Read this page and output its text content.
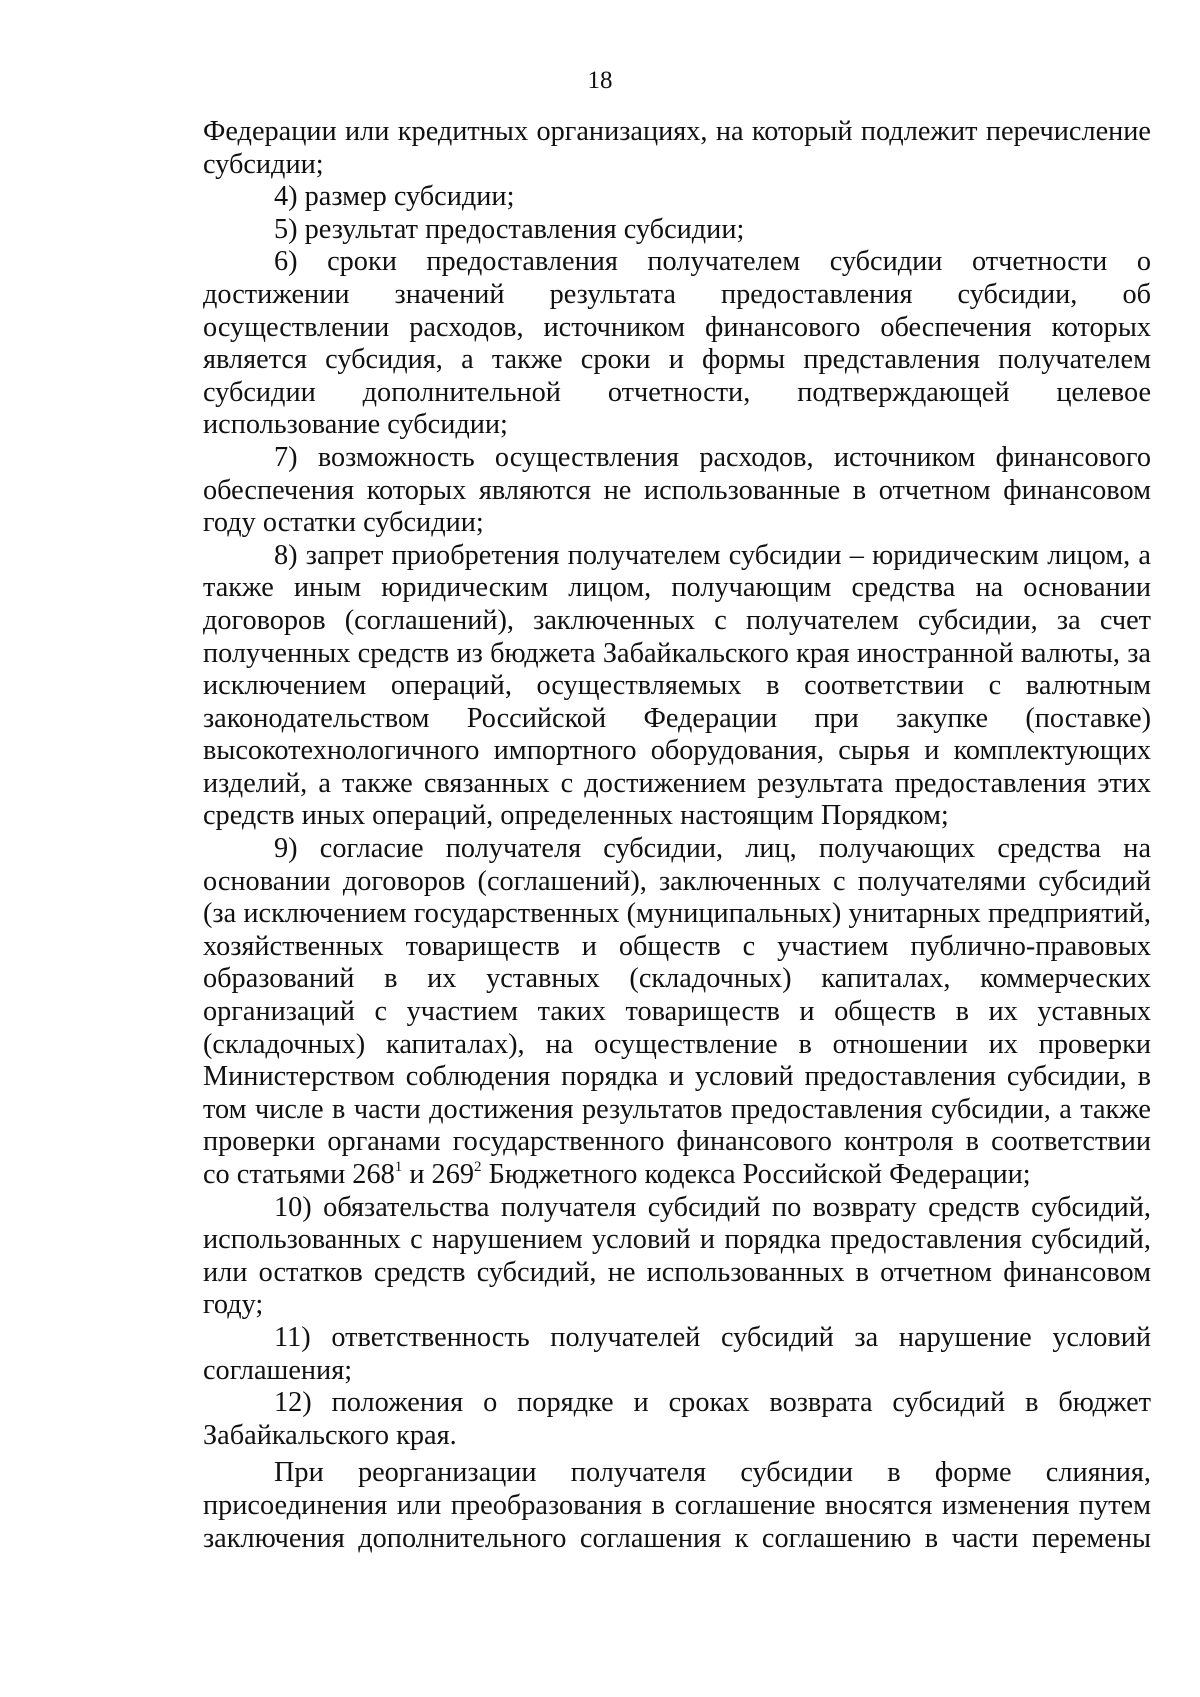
18

Федерации или кредитных организациях, на который подлежит перечисление субсидии;

4) размер субсидии;

5) результат предоставления субсидии;

6) сроки предоставления получателем субсидии отчетности о достижении значений результата предоставления субсидии, об осуществлении расходов, источником финансового обеспечения которых является субсидия, а также сроки и формы представления получателем субсидии дополнительной отчетности, подтверждающей целевое использование субсидии;

7) возможность осуществления расходов, источником финансового обеспечения которых являются не использованные в отчетном финансовом году остатки субсидии;

8) запрет приобретения получателем субсидии – юридическим лицом, а также иным юридическим лицом, получающим средства на основании договоров (соглашений), заключенных с получателем субсидии, за счет полученных средств из бюджета Забайкальского края иностранной валюты, за исключением операций, осуществляемых в соответствии с валютным законодательством Российской Федерации при закупке (поставке) высокотехнологичного импортного оборудования, сырья и комплектующих изделий, а также связанных с достижением результата предоставления этих средств иных операций, определенных настоящим Порядком;

9) согласие получателя субсидии, лиц, получающих средства на основании договоров (соглашений), заключенных с получателями субсидий (за исключением государственных (муниципальных) унитарных предприятий, хозяйственных товариществ и обществ с участием публично-правовых образований в их уставных (складочных) капиталах, коммерческих организаций с участием таких товариществ и обществ в их уставных (складочных) капиталах), на осуществление в отношении их проверки Министерством соблюдения порядка и условий предоставления субсидии, в том числе в части достижения результатов предоставления субсидии, а также проверки органами государственного финансового контроля в соответствии со статьями $268^1$ и $269^2$ Бюджетного кодекса Российской Федерации;

10) обязательства получателя субсидий по возврату средств субсидий, использованных с нарушением условий и порядка предоставления субсидий, или остатков средств субсидий, не использованных в отчетном финансовом году;

11) ответственность получателей субсидий за нарушение условий соглашения;

12) положения о порядке и сроках возврата субсидий в бюджет Забайкальского края.

При реорганизации получателя субсидии в форме слияния, присоединения или преобразования в соглашение вносятся изменения путем заключения дополнительного соглашения к соглашению в части перемены
